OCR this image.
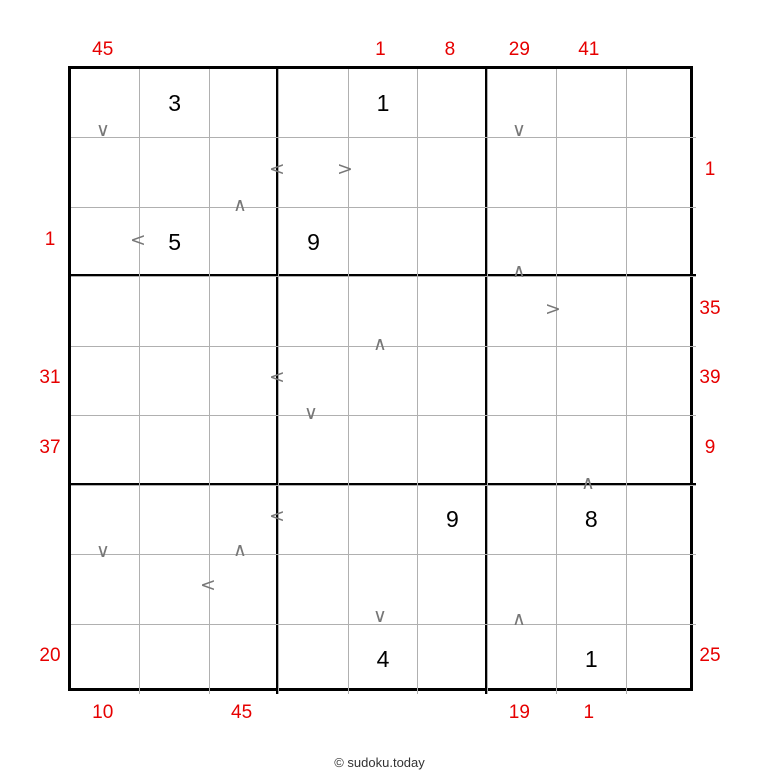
3	1
5	9
9	8
4	1
45	1	8	29	41
10	45	19	1
1
31
37
20
1
35
39
9
25
∨
<	>
∧
∨
<
∧
>
∧
<
∨
∧
<
∨	∧
<
∨	∧
© sudoku.today
